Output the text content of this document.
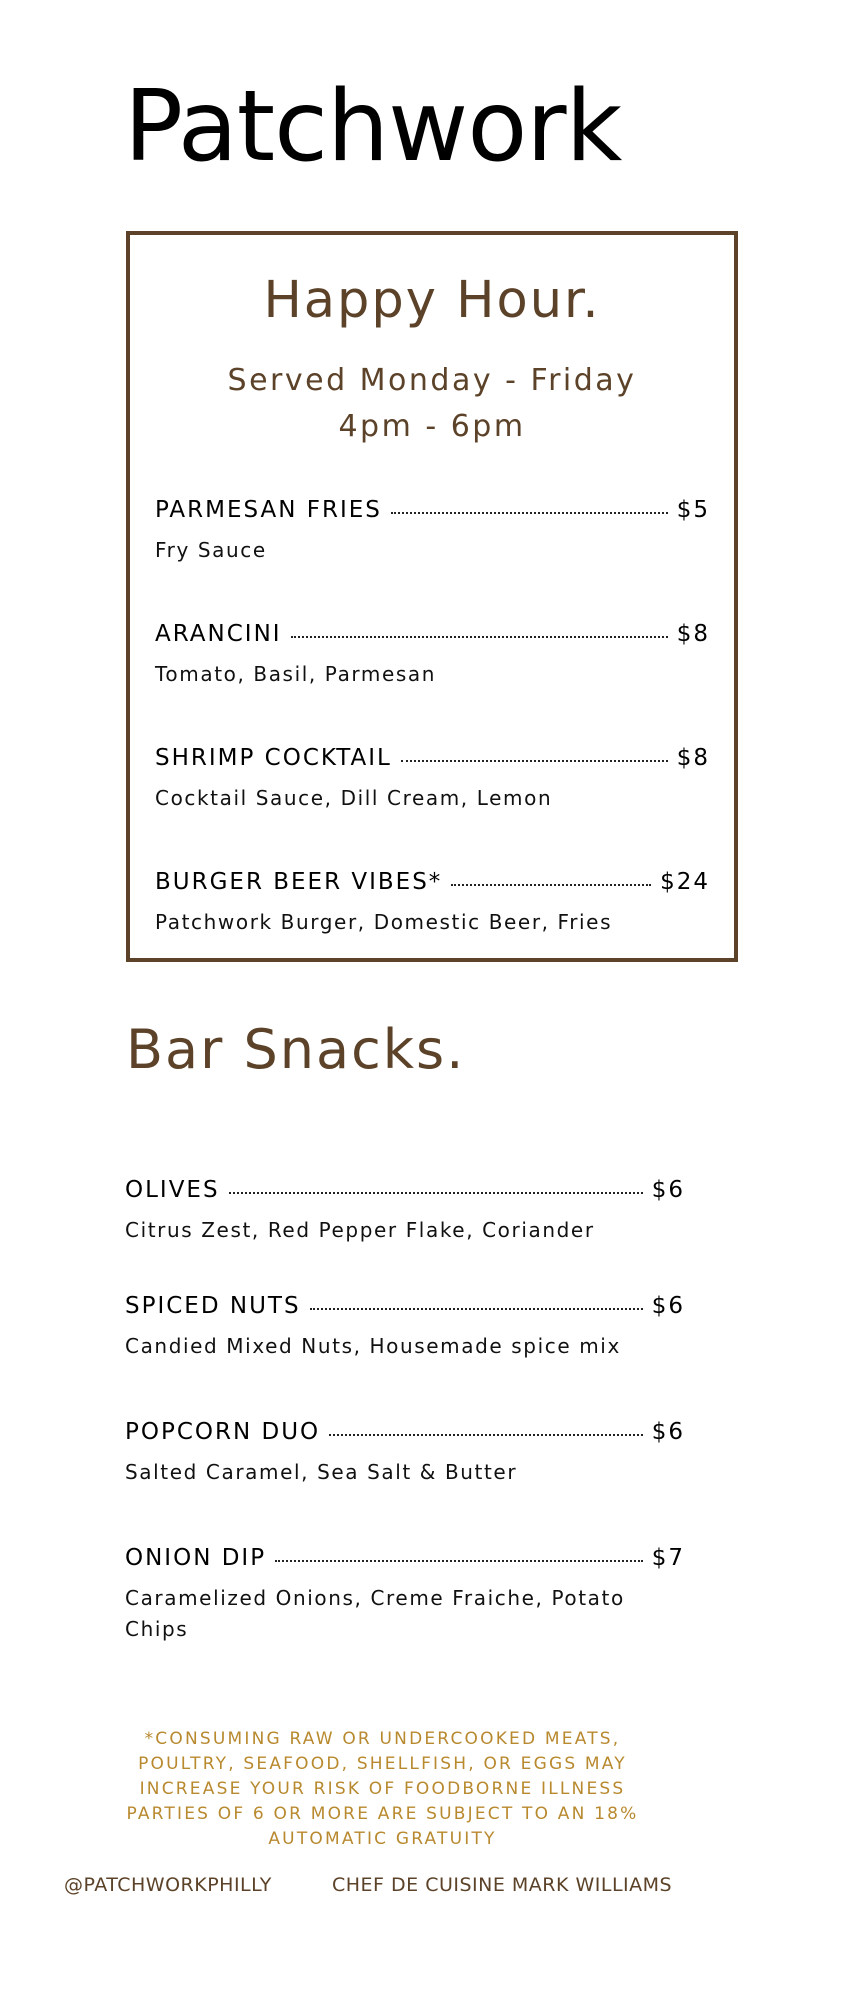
Patchwork
Happy Hour.
Served Monday - Friday
4pm - 6pm
PARMESAN FRIES	$5
Fry Sauce
ARANCINI	$8
Tomato, Basil, Parmesan
SHRIMP COCKTAIL	$8
Cocktail Sauce, Dill Cream, Lemon
BURGER BEER VIBES*	$24
Patchwork Burger, Domestic Beer, Fries
Bar Snacks.
OLIVES	$6
Citrus Zest, Red Pepper Flake, Coriander
SPICED NUTS	$6
Candied Mixed Nuts, Housemade spice mix
POPCORN DUO	$6
Salted Caramel, Sea Salt & Butter
ONION DIP	$7
Caramelized Onions, Creme Fraiche, Potato Chips
*CONSUMING RAW OR UNDERCOOKED MEATS,
POULTRY, SEAFOOD, SHELLFISH, OR EGGS MAY
INCREASE YOUR RISK OF FOODBORNE ILLNESS
PARTIES OF 6 OR MORE ARE SUBJECT TO AN 18%
AUTOMATIC GRATUITY
@PATCHWORKPHILLY	CHEF DE CUISINE MARK WILLIAMS
